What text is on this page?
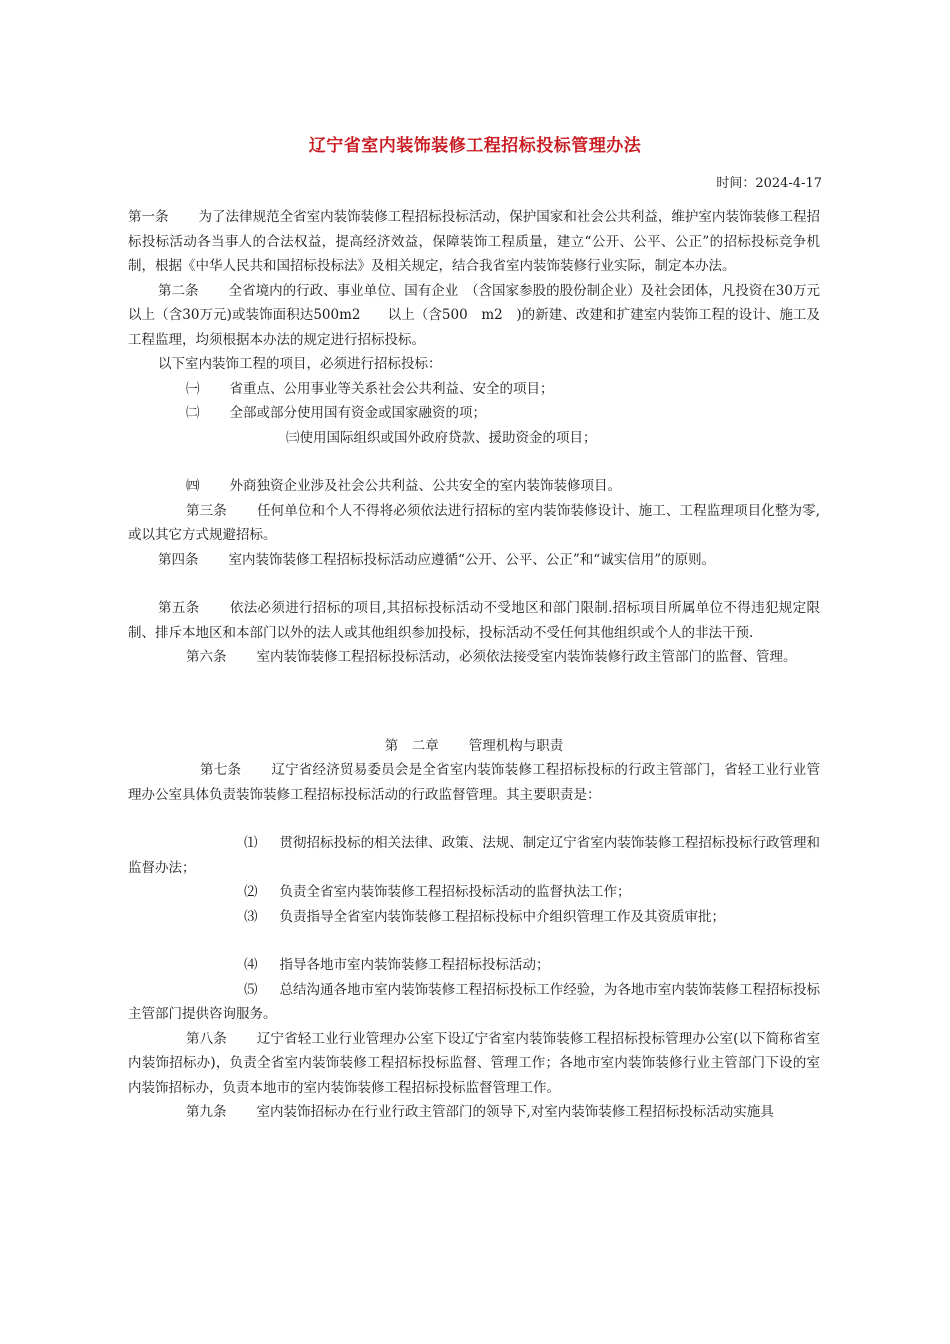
辽宁省室内装饰装修工程招标投标管理办法
时间：2024-4-17

第一条 为了法律规范全省室内装饰装修工程招标投标活动，保护国家和社会公共利益，维护室内装饰装修工程招标投标活动各当事人的合法权益，提高经济效益，保障装饰工程质量，建立“公开、公平、公正”的招标投标竞争机制，根据《中华人民共和国招标投标法》及相关规定，结合我省室内装饰装修行业实际，制定本办法。

第二条 全省境内的行政、事业单位、国有企业　（含国家参股的股份制企业）及社会团体，凡投资在30万元以上（含30万元)或装饰面积达500m2　　以上（含500　m2　)的新建、改建和扩建室内装饰工程的设计、施工及工程监理，均须根据本办法的规定进行招标投标。

以下室内装饰工程的项目，必须进行招标投标：

㈠ 省重点、公用事业等关系社会公共利益、安全的项目；

㈡ 全部或部分使用国有资金或国家融资的项；

㈢使用国际组织或国外政府贷款、援助资金的项目；

㈣ 外商独资企业涉及社会公共利益、公共安全的室内装饰装修项目。

第三条 任何单位和个人不得将必须依法进行招标的室内装饰装修设计、施工、工程监理项目化整为零,或以其它方式规避招标。

第四条 室内装饰装修工程招标投标活动应遵循“公开、公平、公正”和“诚实信用”的原则。

第五条 依法必须进行招标的项目,其招标投标活动不受地区和部门限制.招标项目所属单位不得违犯规定限制、排斥本地区和本部门以外的法人或其他组织参加投标，投标活动不受任何其他组织或个人的非法干预.

第六条 室内装饰装修工程招标投标活动，必须依法接受室内装饰装修行政主管部门的监督、管理。

第　二章 管理机构与职责

第七条 辽宁省经济贸易委员会是全省室内装饰装修工程招标投标的行政主管部门，省轻工业行业管理办公室具体负责装饰装修工程招标投标活动的行政监督管理。其主要职责是：

⑴ 贯彻招标投标的相关法律、政策、法规、制定辽宁省室内装饰装修工程招标投标行政管理和监督办法；

⑵ 负责全省室内装饰装修工程招标投标活动的监督执法工作；

⑶ 负责指导全省室内装饰装修工程招标投标中介组织管理工作及其资质审批；

⑷ 指导各地市室内装饰装修工程招标投标活动；

⑸ 总结沟通各地市室内装饰装修工程招标投标工作经验，为各地市室内装饰装修工程招标投标主管部门提供咨询服务。

第八条 辽宁省轻工业行业管理办公室下设辽宁省室内装饰装修工程招标投标管理办公室(以下简称省室内装饰招标办)，负责全省室内装饰装修工程招标投标监督、管理工作；各地市室内装饰装修行业主管部门下设的室内装饰招标办，负责本地市的室内装饰装修工程招标投标监督管理工作。

第九条 室内装饰招标办在行业行政主管部门的领导下,对室内装饰装修工程招标投标活动实施具
